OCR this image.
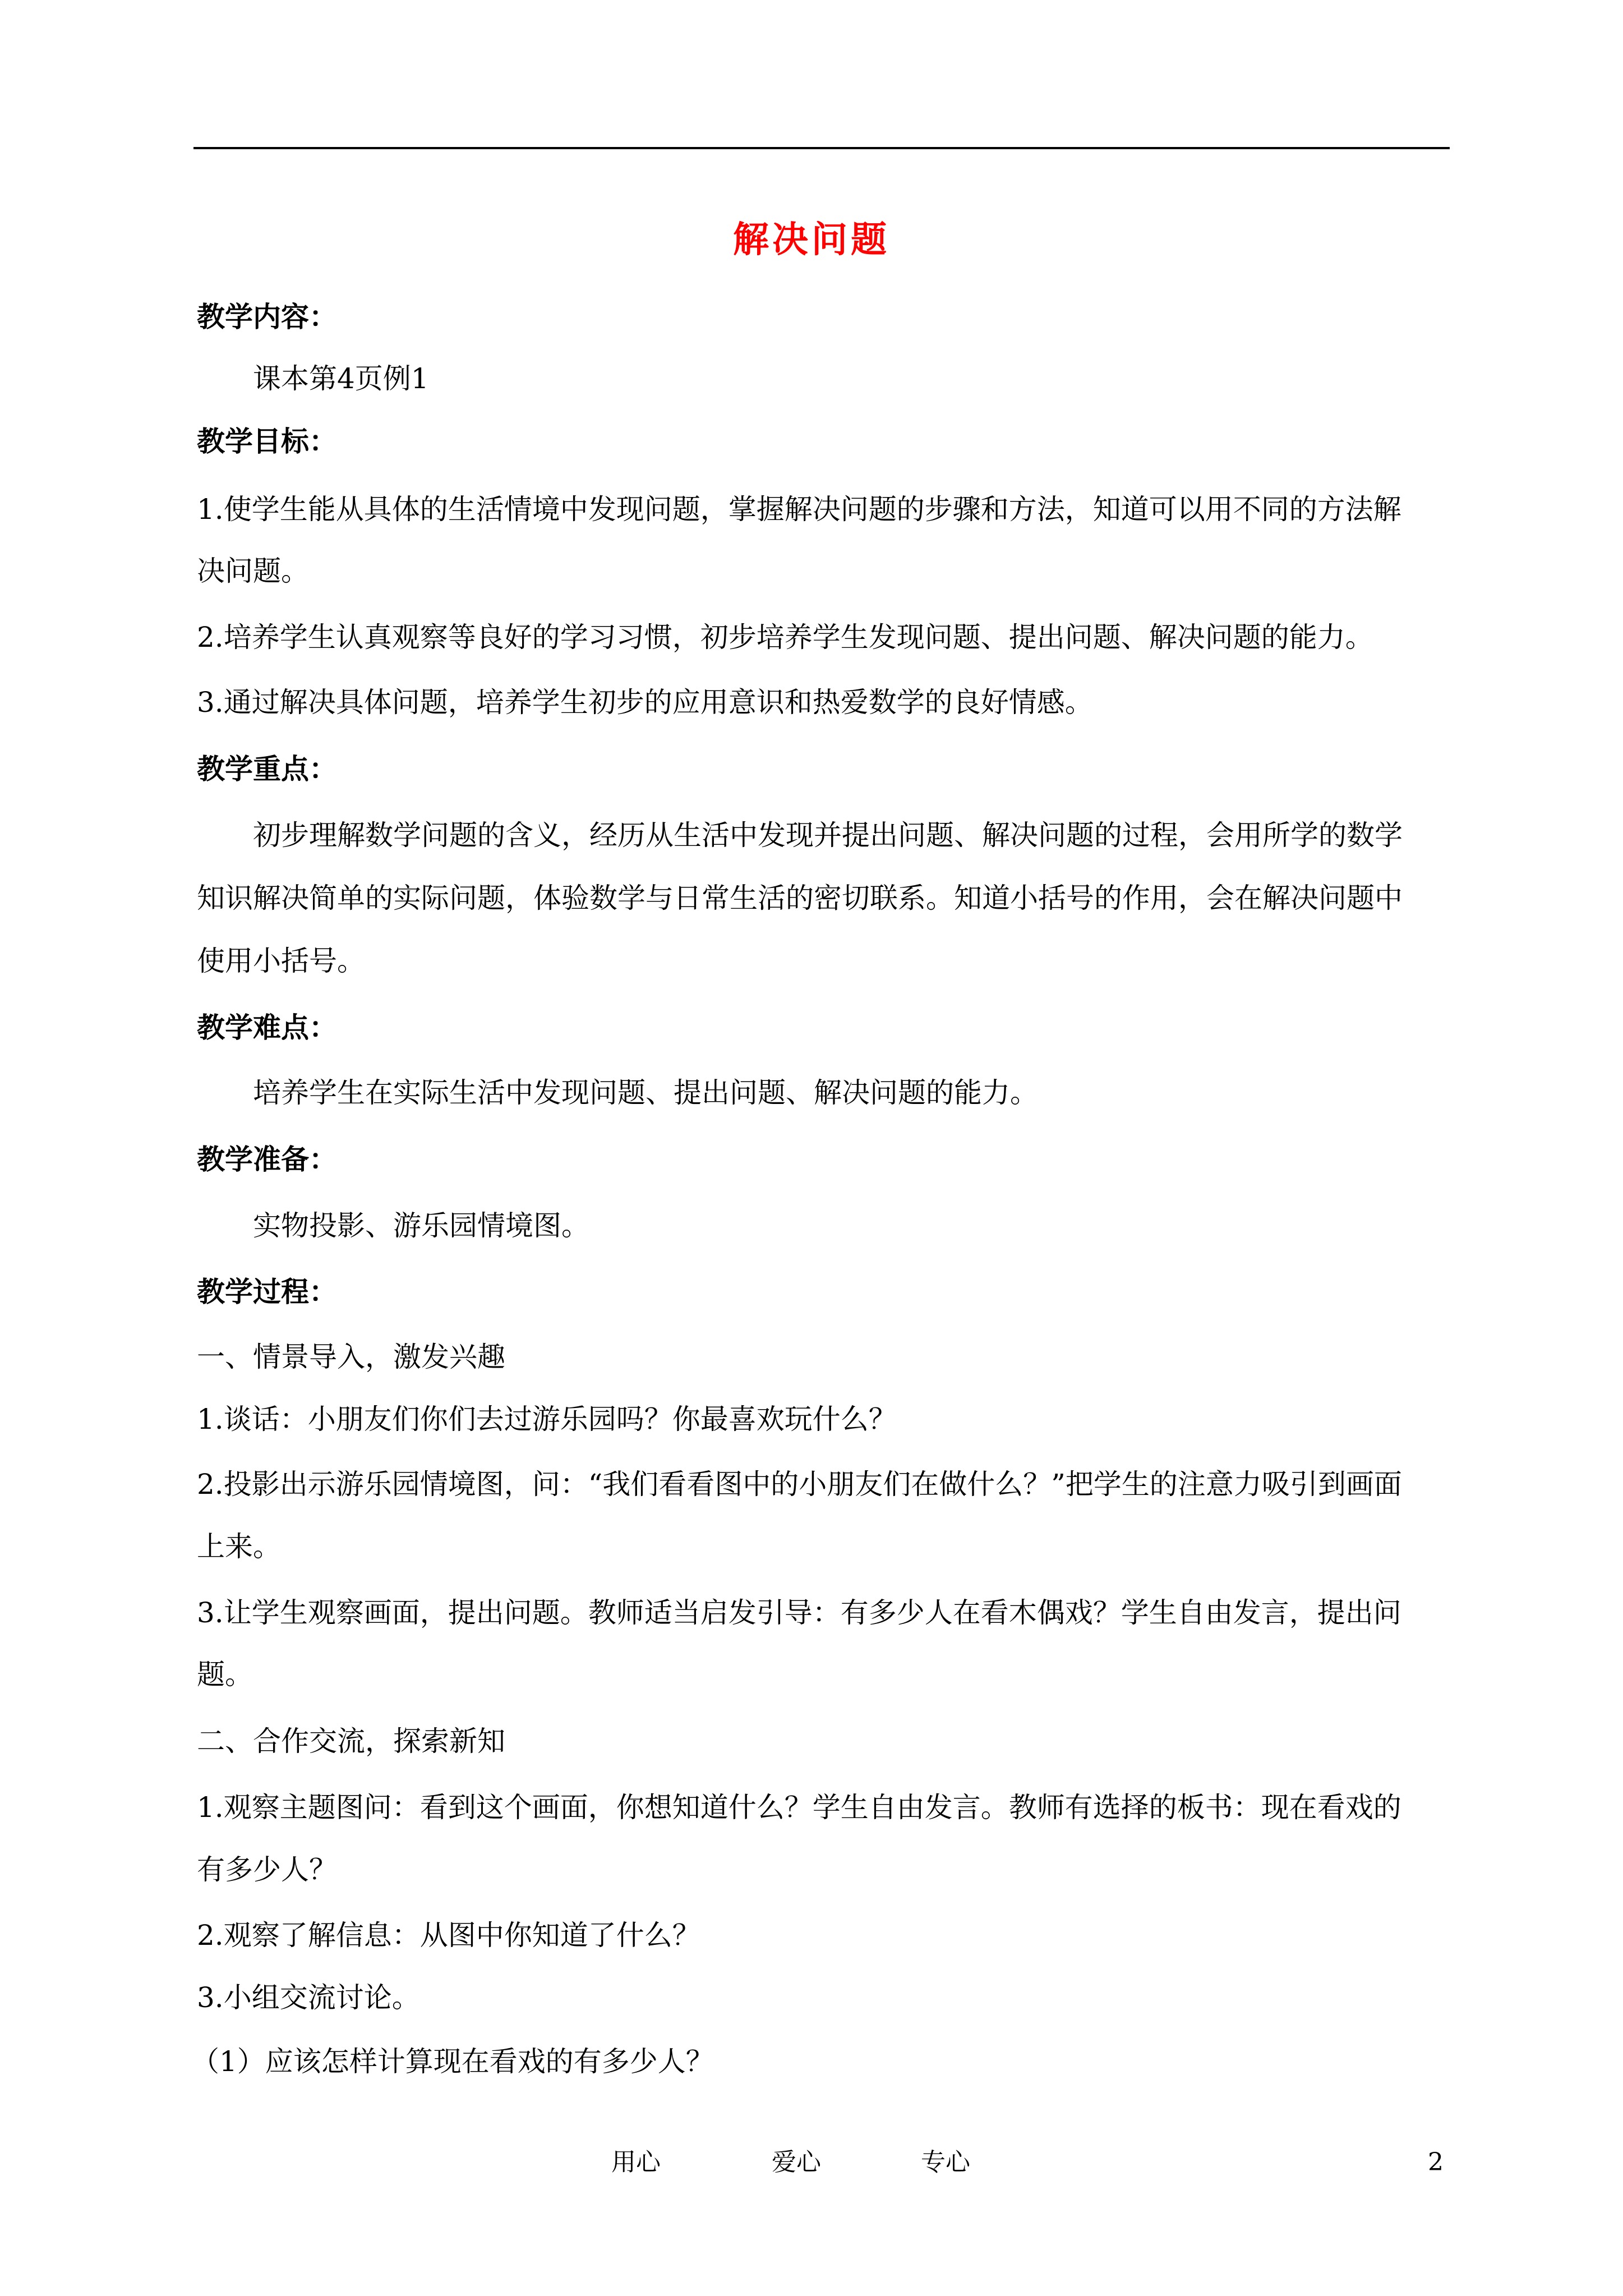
解决问题
教学内容：
课本第4页例1
教学目标：
1.使学生能从具体的生活情境中发现问题，掌握解决问题的步骤和方法，知道可以用不同的方法解
决问题。
2.培养学生认真观察等良好的学习习惯，初步培养学生发现问题、提出问题、解决问题的能力。
3.通过解决具体问题，培养学生初步的应用意识和热爱数学的良好情感。
教学重点：
初步理解数学问题的含义，经历从生活中发现并提出问题、解决问题的过程，会用所学的数学
知识解决简单的实际问题，体验数学与日常生活的密切联系。知道小括号的作用，会在解决问题中
使用小括号。
教学难点：
培养学生在实际生活中发现问题、提出问题、解决问题的能力。
教学准备：
实物投影、游乐园情境图。
教学过程：
一、情景导入，激发兴趣
1.谈话：小朋友们你们去过游乐园吗？你最喜欢玩什么？
2.投影出示游乐园情境图，问：“我们看看图中的小朋友们在做什么？”把学生的注意力吸引到画面
上来。
3.让学生观察画面，提出问题。教师适当启发引导：有多少人在看木偶戏？学生自由发言，提出问
题。
二、合作交流，探索新知
1.观察主题图问：看到这个画面，你想知道什么？学生自由发言。教师有选择的板书：现在看戏的
有多少人？
2.观察了解信息：从图中你知道了什么？
3.小组交流讨论。
（1）应该怎样计算现在看戏的有多少人？
用心	爱心	专心	2
